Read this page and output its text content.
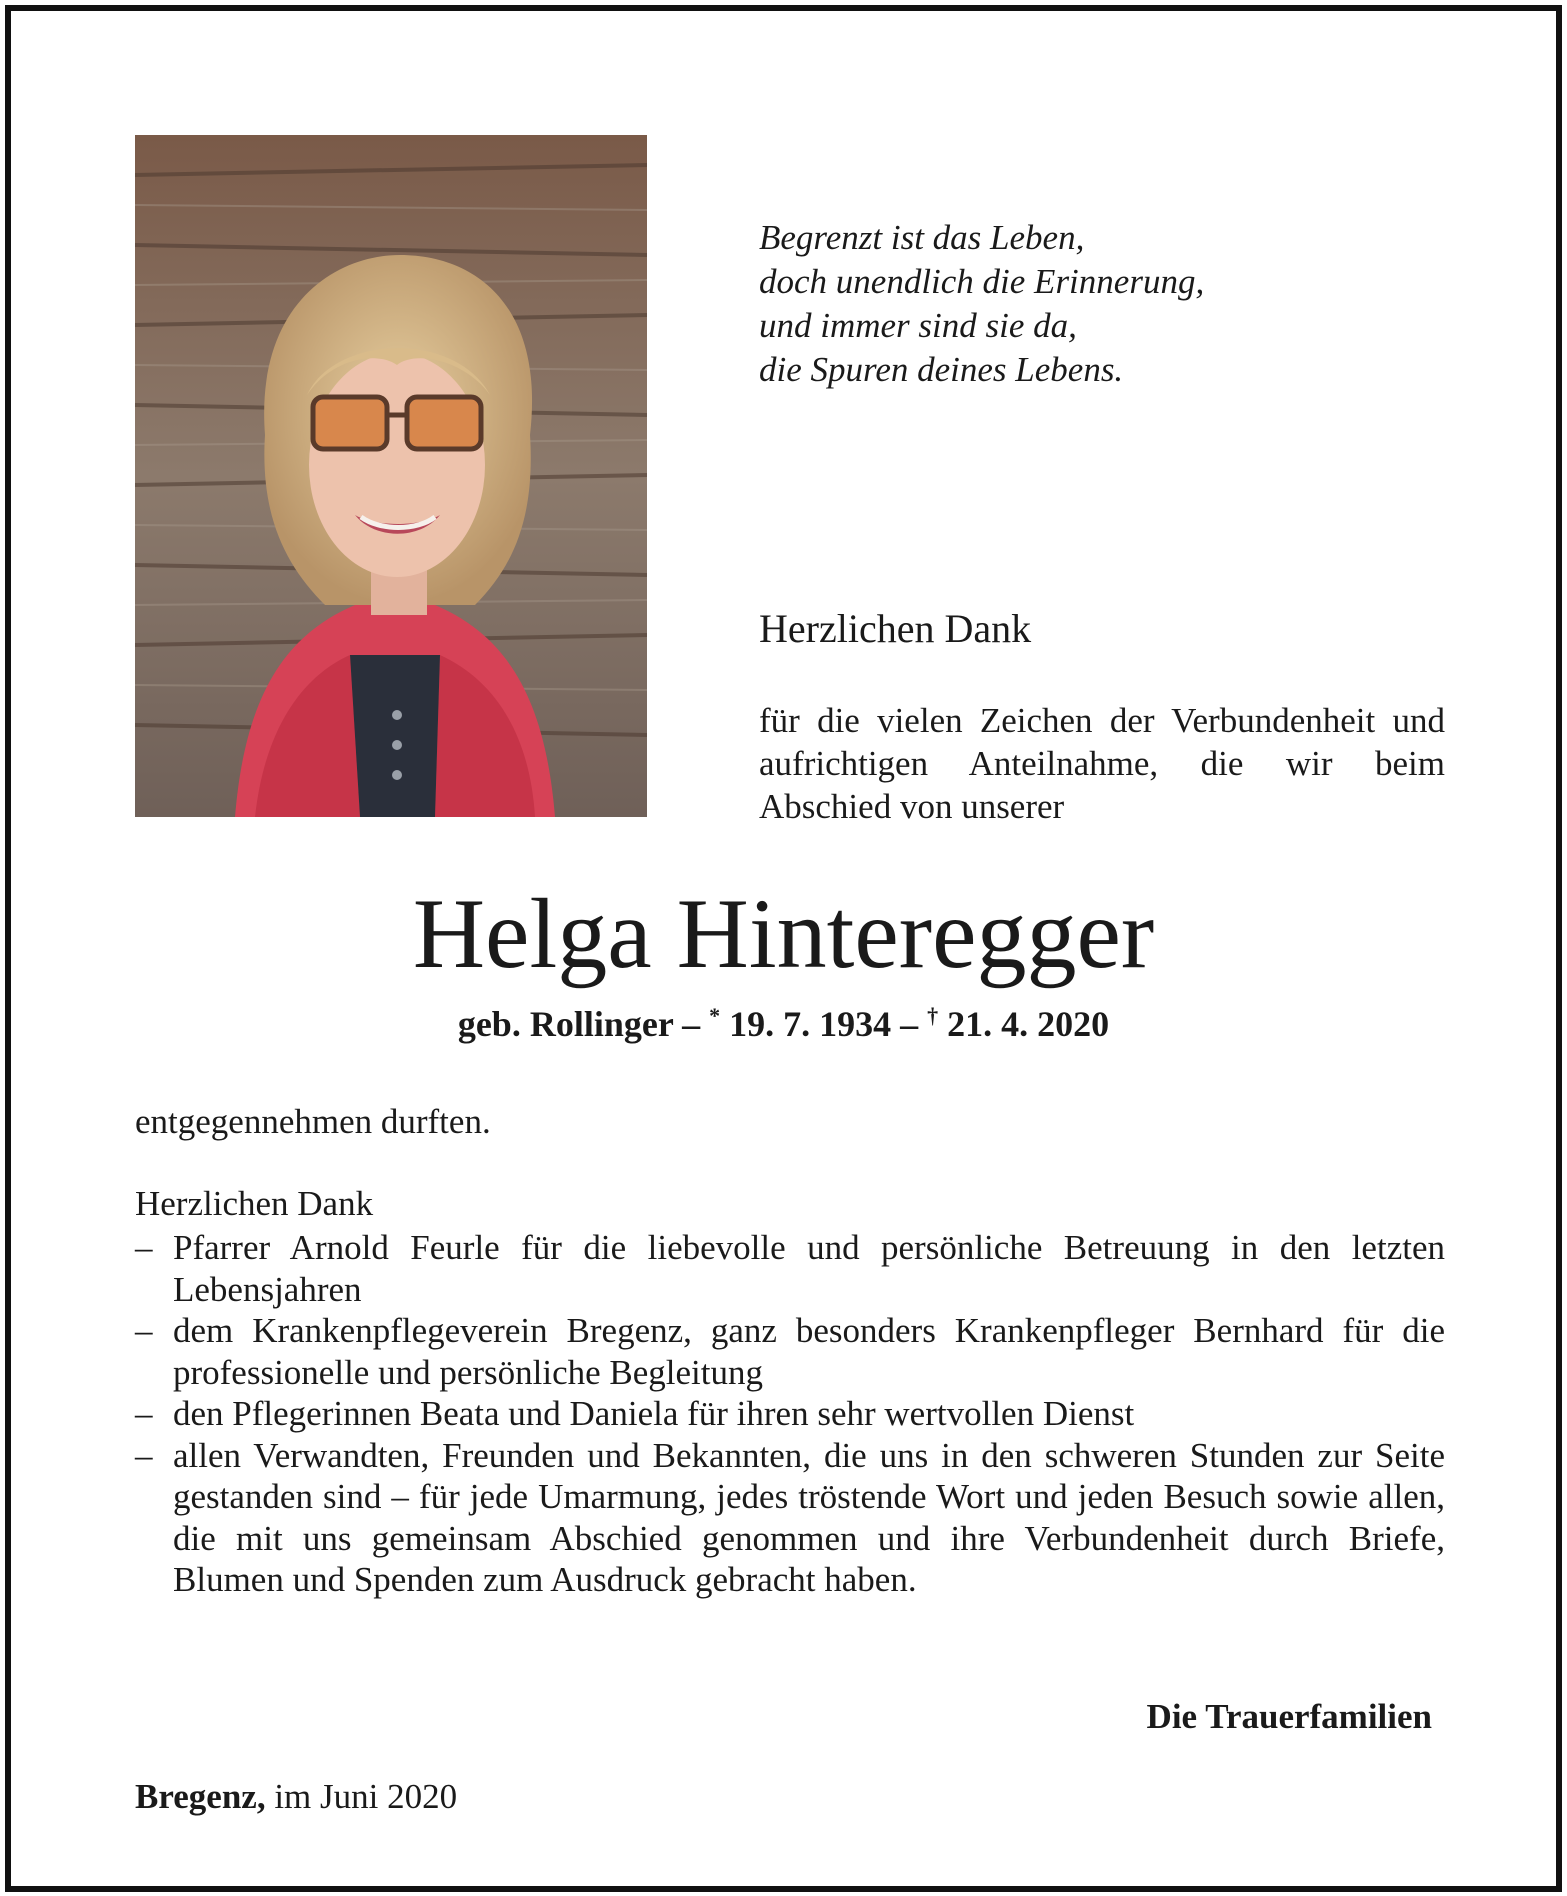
Begrenzt ist das Leben,
doch unendlich die Erinnerung,
und immer sind sie da,
die Spuren deines Lebens.
Herzlichen Dank
für die vielen Zeichen der Verbundenheit und aufrichtigen Anteilnahme, die wir beim Abschied von unserer
Helga Hinteregger
geb. Rollinger – * 19. 7. 1934 – † 21. 4. 2020
entgegennehmen durften.
Herzlichen Dank
– Pfarrer Arnold Feurle für die liebevolle und persönliche Betreuung in den letzten Lebensjahren
– dem Krankenpflegeverein Bregenz, ganz besonders Krankenpfleger Bernhard für die professionelle und persönliche Begleitung
– den Pflegerinnen Beata und Daniela für ihren sehr wertvollen Dienst
– allen Verwandten, Freunden und Bekannten, die uns in den schweren Stunden zur Seite gestanden sind – für jede Umarmung, jedes tröstende Wort und jeden Besuch sowie allen, die mit uns gemeinsam Abschied genommen und ihre Verbundenheit durch Briefe, Blumen und Spenden zum Ausdruck gebracht haben.
Die Trauerfamilien
Bregenz, im Juni 2020
